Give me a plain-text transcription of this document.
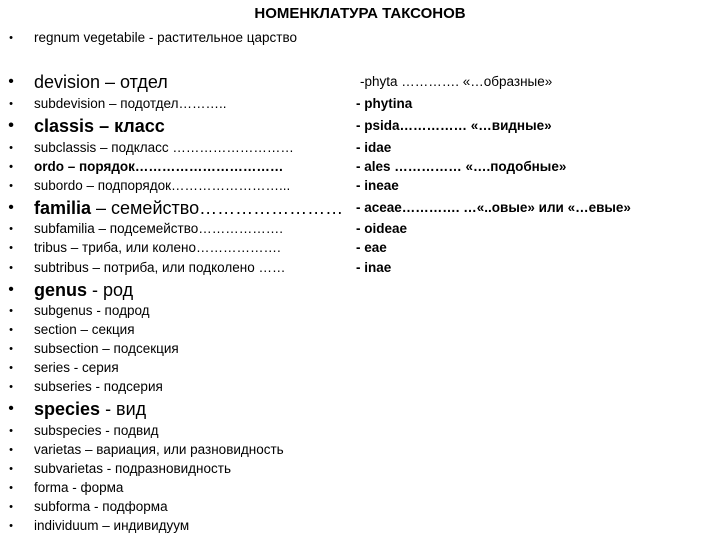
НОМЕНКЛАТУРА ТАКСОНОВ
• regnum vegetabile - растительное царство
• devision – отдел	-phyta …………. «…образные»
• subdevision – подотдел………..	- phytina
• classis – класс	- psida…………… «…видные»
• subclassis – подкласс ………………………	- idae
• ordo – порядок……………………………	- ales …………… «….подобные»
• subordo – подпорядок……………………...	- ineae
• familia – семейство…………………… - aceae…………. …«..овые» или «…евые»
• subfamilia – подсемейство……………….	- oideae
• tribus – триба, или колено……………….	- eae
• subtribus – потриба, или подколено ……	- inae
• genus - род
• subgenus - подрод
• section – секция
• subsection – подсекция
• series - серия
• subseries - подсерия
• species - вид
• subspecies - подвид
• varietas – вариация, или разновидность
• subvarietas - подразновидность
• forma - форма
• subforma - подформа
• individuum – индивидуум
